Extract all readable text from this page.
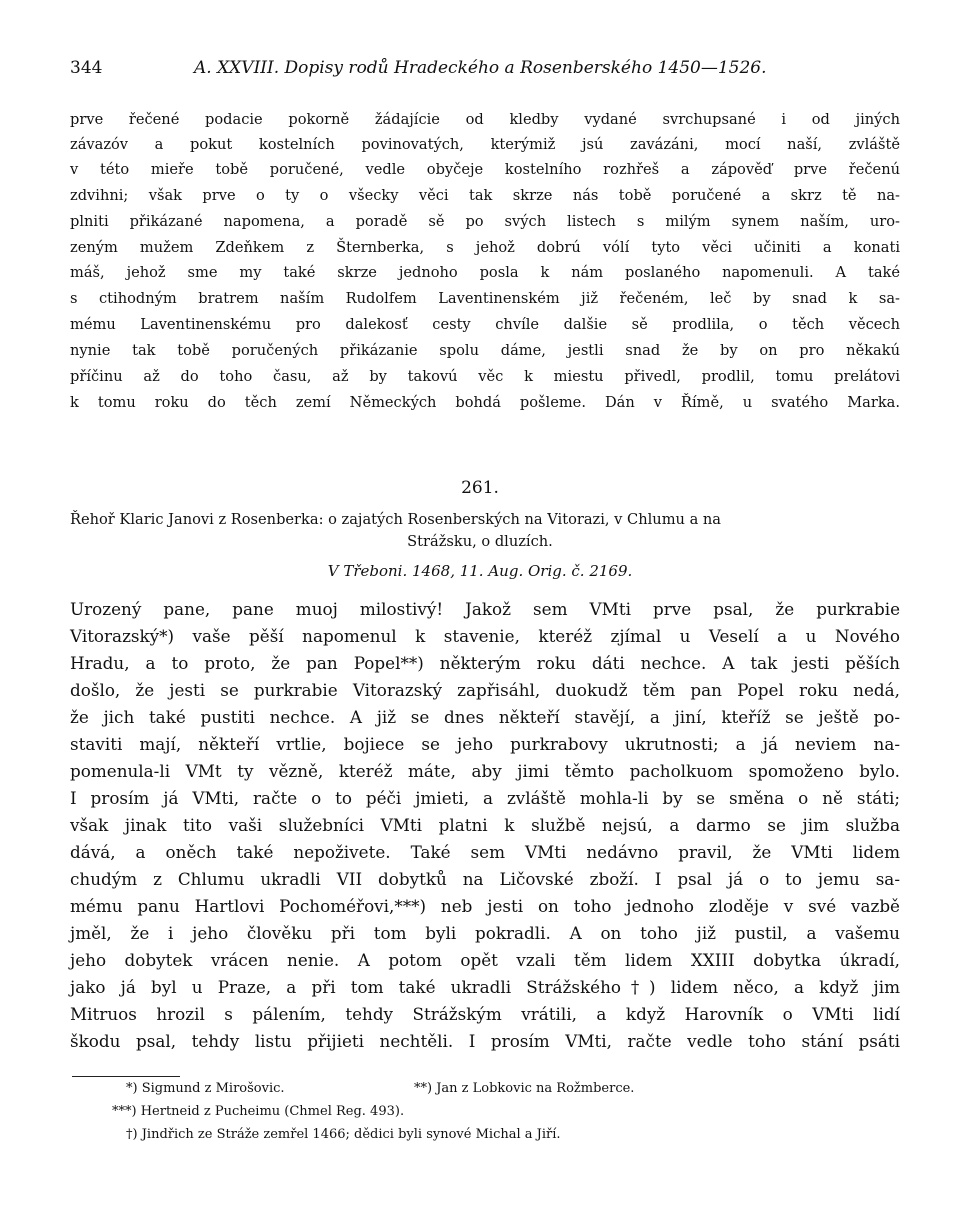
344	A. XXVIII. Dopisy rodů Hradeckého a Rosenberského 1450—1526.

prve řečené podacie pokorně žádajície od kledby vydané svrchupsané i od jiných

závazóv a pokut kostelních povinovatých, kterýmiž jsú zavázáni, mocí naší, zvláště

v této mieře tobě poručené, vedle obyčeje kostelního rozhřeš a zápověď prve řečenú

zdvihni; však prve o ty o všecky věci tak skrze nás tobě poručené a skrz tě na-

plniti přikázané napomena, a poradě sě po svých listech s milým synem naším, uro-

zeným mužem Zdeňkem z Šternberka, s jehož dobrú vólí tyto věci učiniti a konati

máš, jehož sme my také skrze jednoho posla k nám poslaného napomenuli. A také

s ctihodným bratrem naším Rudolfem Laventinenském již řečeném, leč by snad k sa-

mému Laventinenskému pro dalekosť cesty chvíle dalšie sě prodlila, o těch věcech

nynie tak tobě poručených přikázanie spolu dáme, jestli snad že by on pro někakú

příčinu až do toho času, až by takovú věc k miestu přivedl, prodlil, tomu prelátovi

k tomu roku do těch zemí Německých bohdá pošleme. Dán v Římě, u svatého Marka.

261.
Řehoř Klaric Janovi z Rosenberka: o zajatých Rosenberských na Vitorazi, v Chlumu a na
Strážsku, o dluzích.
V Třeboni. 1468, 11. Aug. Orig. č. 2169.

Urozený pane, pane muoj milostivý! Jakož sem VMti prve psal, že purkrabie

Vitorazský*) vaše pěší napomenul k stavenie, kteréž zjímal u Veselí a u Nového

Hradu, a to proto, že pan Popel**) některým roku dáti nechce. A tak jesti pěších

došlo, že jesti se purkrabie Vitorazský zapřisáhl, duokudž těm pan Popel roku nedá,

že jich také pustiti nechce. A již se dnes někteří stavějí, a jiní, kteříž se ještě po-

staviti mají, někteří vrtlie, bojiece se jeho purkrabovy ukrutnosti; a já neviem na-

pomenula-li VMt ty vězně, kteréž máte, aby jimi těmto pacholkuom spomoženo bylo.

I prosím já VMti, račte o to péči jmieti, a zvláště mohla-li by se směna o ně státi;

však jinak tito vaši služebníci VMti platni k službě nejsú, a darmo se jim služba

dává, a oněch také nepoživete. Také sem VMti nedávno pravil, že VMti lidem

chudým z Chlumu ukradli VII dobytků na Ličovské zboží. I psal já o to jemu sa-

mému panu Hartlovi Pochoméřovi,***) neb jesti on toho jednoho zloděje v své vazbě

jměl, že i jeho člověku při tom byli pokradli. A on toho již pustil, a vašemu

jeho dobytek vrácen nenie. A potom opět vzali těm lidem XXIII dobytka úkradí,

jako já byl u Praze, a při tom také ukradli Strážského†) lidem něco, a když jim

Mitruos hrozil s pálením, tehdy Strážským vrátili, a když Harovník o VMti lidí

škodu psal, tehdy listu přijieti nechtěli. I prosím VMti, račte vedle toho stání psáti

*) Sigmund z Mirošovic.	**) Jan z Lobkovic na Rožmberce.
***) Hertneid z Pucheimu (Chmel Reg. 493).
†) Jindřich ze Stráže zemřel 1466; dědici byli synové Michal a Jiří.
